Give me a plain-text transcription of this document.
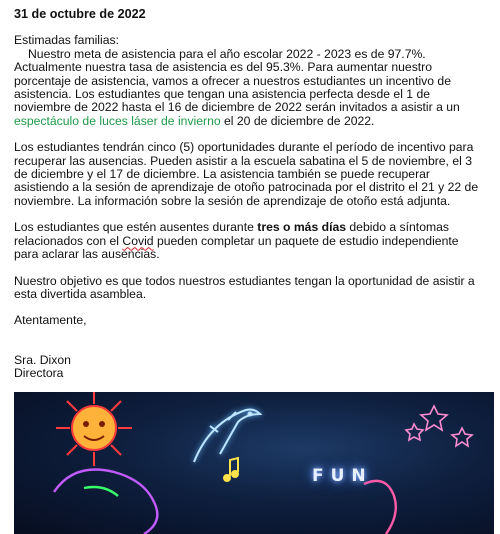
31 de octubre de 2022
Estimadas familias:

Nuestro meta de asistencia para el año escolar 2022 - 2023 es de 97.7%. Actualmente nuestra tasa de asistencia es del 95.3%. Para aumentar nuestro porcentaje de asistencia, vamos a ofrecer a nuestros estudiantes un incentivo de asistencia. Los estudiantes que tengan una asistencia perfecta desde el 1 de noviembre de 2022 hasta el 16 de diciembre de 2022 serán invitados a asistir a un espectáculo de luces láser de invierno el 20 de diciembre de 2022.

Los estudiantes tendrán cinco (5) oportunidades durante el período de incentivo para recuperar las ausencias. Pueden asistir a la escuela sabatina el 5 de noviembre, el 3 de diciembre y el 17 de diciembre. La asistencia también se puede recuperar asistiendo a la sesión de aprendizaje de otoño patrocinada por el distrito el 21 y 22 de noviembre. La información sobre la sesión de aprendizaje de otoño está adjunta.

Los estudiantes que estén ausentes durante tres o más días debido a síntomas relacionados con el Covid pueden completar un paquete de estudio independiente para aclarar las ausencias.

Nuestro objetivo es que todos nuestros estudiantes tengan la oportunidad de asistir a esta divertida asamblea.

Atentamente,
Sra. Dixon
Directora
FUN
